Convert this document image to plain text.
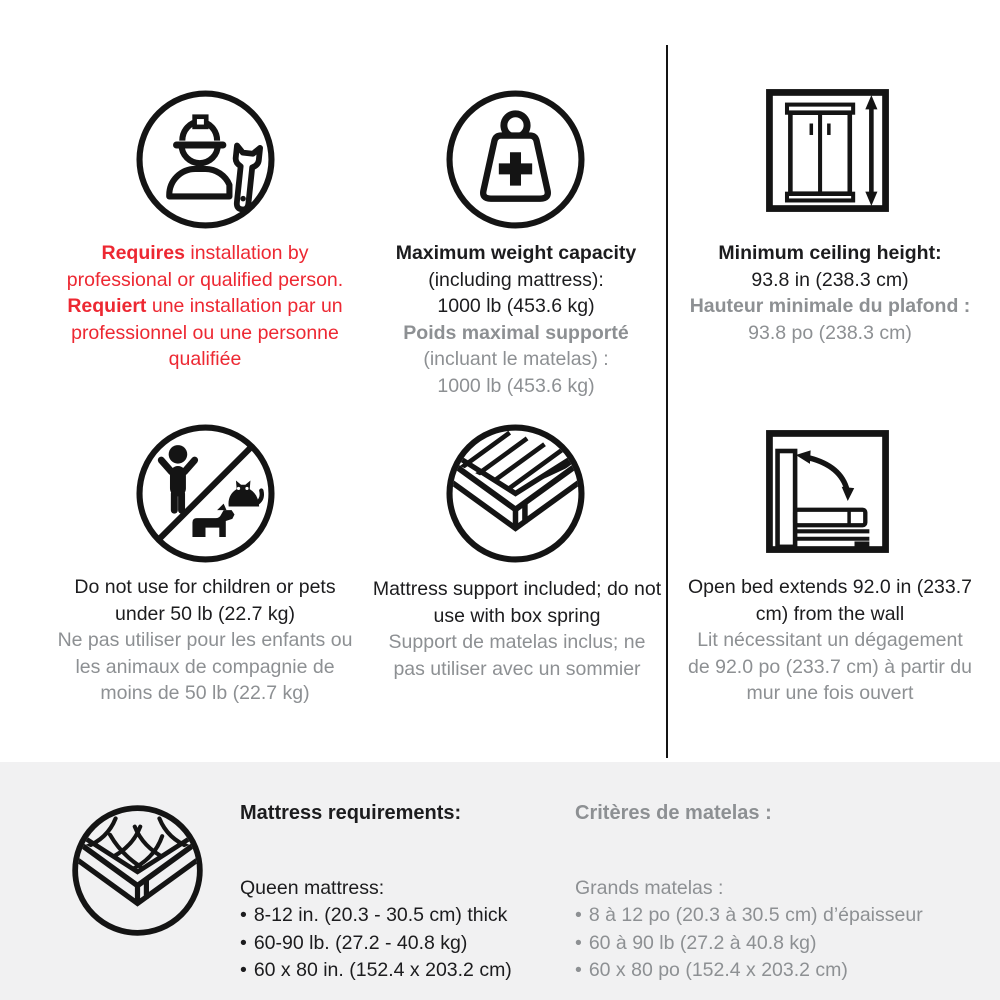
Requires installation by professional or qualified person. Requiert une installation par un professionnel ou une personne qualifiée

Maximum weight capacity
(including mattress):
1000 lb (453.6 kg)
Poids maximal supporté
(incluant le matelas) :
1000 lb (453.6 kg)
Minimum ceiling height:
93.8 in (238.3 cm)
Hauteur minimale du plafond :
93.8 po (238.3 cm)

Do not use for children or pets under 50 lb (22.7 kg)

Ne pas utiliser pour les enfants ou les animaux de compagnie de moins de 50 lb (22.7 kg)

Mattress support included; do not use with box spring

Support de matelas inclus; ne pas utiliser avec un sommier

Open bed extends 92.0 in (233.7 cm) from the wall

Lit nécessitant un dégagement de 92.0 po (233.7 cm) à partir du mur une fois ouvert

Mattress requirements:

Queen mattress:

• 8-12 in. (20.3 - 30.5 cm) thick
• 60-90 lb. (27.2 - 40.8 kg)
• 60 x 80 in. (152.4 x 203.2 cm)

Critères de matelas :

Grands matelas :

• 8 à 12 po (20.3 à 30.5 cm) d’épaisseur
• 60 à 90 lb (27.2 à 40.8 kg)
• 60 x 80 po (152.4 x 203.2 cm)
